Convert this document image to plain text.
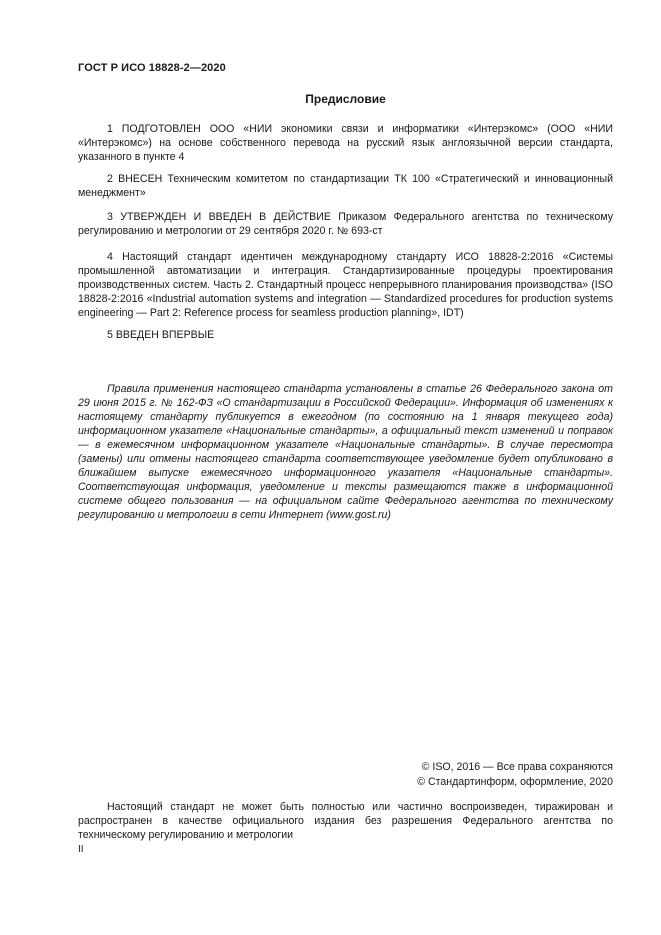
ГОСТ Р ИСО 18828-2—2020
Предисловие

1 ПОДГОТОВЛЕН ООО «НИИ экономики связи и информатики «Интерэкомс» (ООО «НИИ «Интерэкомс») на основе собственного перевода на русский язык англоязычной версии стандарта, указанного в пункте 4

2 ВНЕСЕН Техническим комитетом по стандартизации ТК 100 «Стратегический и инновационный менеджмент»

3 УТВЕРЖДЕН И ВВЕДЕН В ДЕЙСТВИЕ Приказом Федерального агентства по техническому регулированию и метрологии от 29 сентября 2020 г. № 693-ст

4 Настоящий стандарт идентичен международному стандарту ИСО 18828-2:2016 «Системы промышленной автоматизации и интеграция. Стандартизированные процедуры проектирования производственных систем. Часть 2. Стандартный процесс непрерывного планирования производства» (ISO 18828-2:2016 «Industrial automation systems and integration — Standardized procedures for production systems engineering — Part 2: Reference process for seamless production planning», IDT)

5 ВВЕДЕН ВПЕРВЫЕ

Правила применения настоящего стандарта установлены в статье 26 Федерального закона от 29 июня 2015 г. № 162-ФЗ «О стандартизации в Российской Федерации». Информация об изменениях к настоящему стандарту публикуется в ежегодном (по состоянию на 1 января текущего года) информационном указателе «Национальные стандарты», а официальный текст изменений и поправок — в ежемесячном информационном указателе «Национальные стандарты». В случае пересмотра (замены) или отмены настоящего стандарта соответствующее уведомление будет опубликовано в ближайшем выпуске ежемесячного информационного указателя «Национальные стандарты». Соответствующая информация, уведомление и тексты размещаются также в информационной системе общего пользования — на официальном сайте Федерального агентства по техническому регулированию и метрологии в сети Интернет (www.gost.ru)

© ISO, 2016 — Все права сохраняются
© Стандартинформ, оформление, 2020

Настоящий стандарт не может быть полностью или частично воспроизведен, тиражирован и распространен в качестве официального издания без разрешения Федерального агентства по техническому регулированию и метрологии

II
